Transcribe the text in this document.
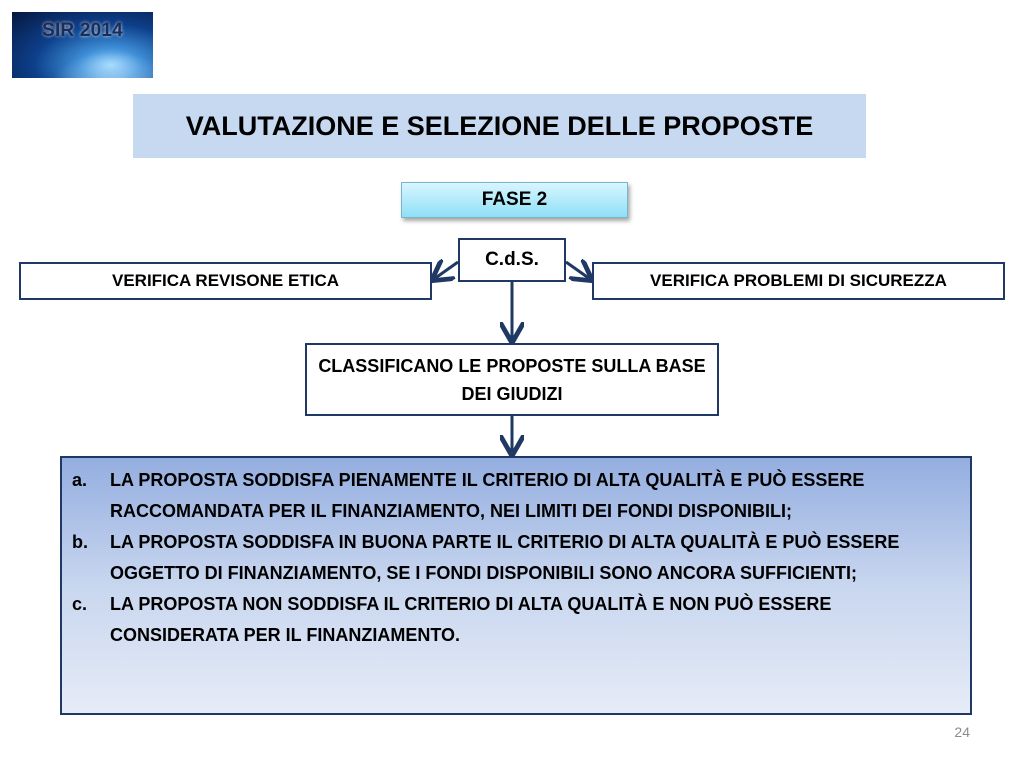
SIR 2014
VALUTAZIONE E SELEZIONE DELLE PROPOSTE
FASE 2
C.d.S.
VERIFICA REVISONE ETICA	VERIFICA PROBLEMI DI SICUREZZA
CLASSIFICANO LE PROPOSTE SULLA BASE DEI GIUDIZI
a.	LA PROPOSTA SODDISFA PIENAMENTE IL CRITERIO DI ALTA QUALITÀ E PUÒ ESSERE RACCOMANDATA PER IL FINANZIAMENTO, NEI LIMITI DEI FONDI DISPONIBILI;
b.	LA PROPOSTA SODDISFA IN BUONA PARTE IL CRITERIO DI ALTA QUALITÀ E PUÒ ESSERE OGGETTO DI FINANZIAMENTO, SE I FONDI DISPONIBILI SONO ANCORA SUFFICIENTI;
c.	LA PROPOSTA NON SODDISFA IL CRITERIO DI ALTA QUALITÀ E NON PUÒ ESSERE CONSIDERATA PER IL FINANZIAMENTO.
24
